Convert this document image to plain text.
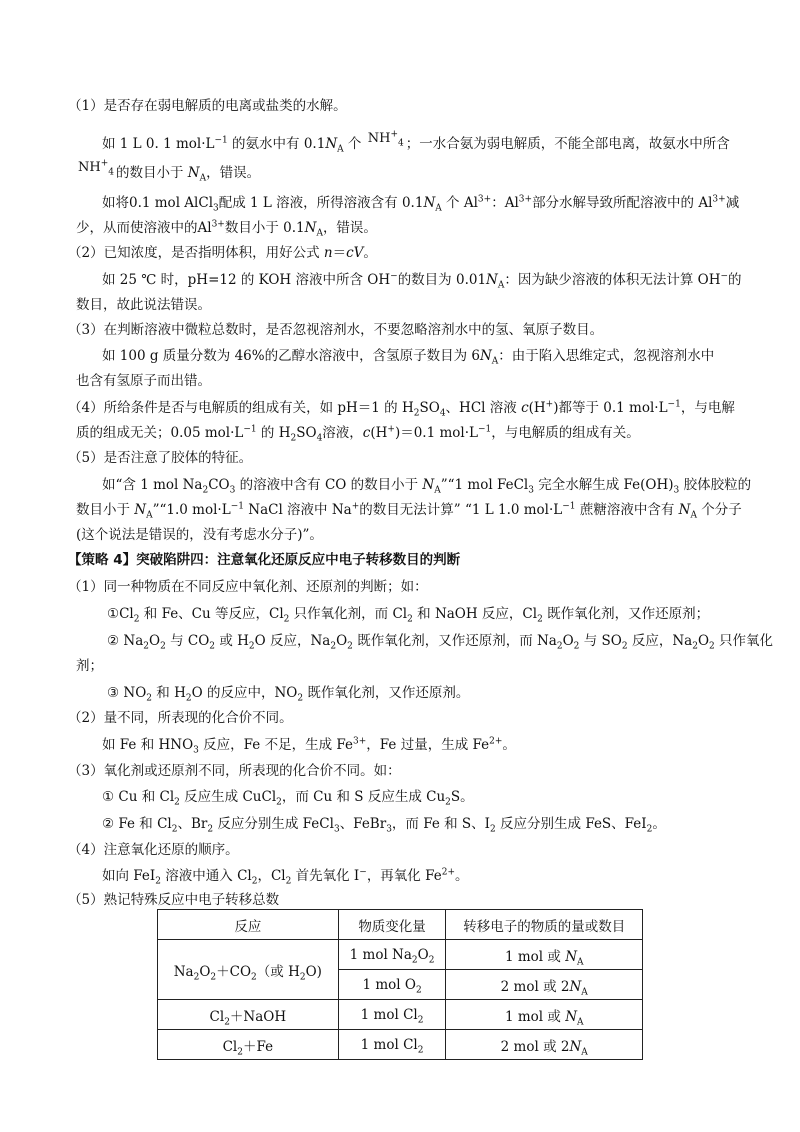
（1）是否存在弱电解质的电离或盐类的水解。
如 1 L 0. 1 $mol\cdot L^{-1}$ 的氨水中有 $0.1N_A$ 个 $NH^+_4$ ；一水合氨为弱电解质，不能全部电离，故氨水中所含
$NH^+_4$ 的数目小于 $N_A$，错误。
如将0.1 mol AlCl$_3$配成 1 L 溶液，所得溶液含有 $0.1N_A$ 个 $Al^{3+}$：$Al^{3+}$部分水解导致所配溶液中的 $Al^{3+}$减
少，从而使溶液中的$Al^{3+}$数目小于 $0.1N_A$，错误。
（2）已知浓度，是否指明体积，用好公式 n＝cV。
如 25 ℃ 时，pH=12 的 KOH 溶液中所含 OH−的数目为 $0.01N_A$：因为缺少溶液的体积无法计算 OH−的
数目，故此说法错误。
（3）在判断溶液中微粒总数时，是否忽视溶剂水，不要忽略溶剂水中的氢、氧原子数目。
如 100 g 质量分数为 46%的乙醇水溶液中，含氢原子数目为 $6N_A$：由于陷入思维定式，忽视溶剂水中
也含有氢原子而出错。
（4）所给条件是否与电解质的组成有关，如 pH＝1 的 $H_2SO_4$、HCl 溶液 c(H+)都等于 0.1 $mol\cdot L^{-1}$，与电解
质的组成无关；0.05 $mol\cdot L^{-1}$ 的 $H_2SO_4$溶液，c(H+)＝0.1 $mol\cdot L^{-1}$，与电解质的组成有关。
（5）是否注意了胶体的特征。
如“含 1 mol $Na_2CO_3$ 的溶液中含有 CO 的数目小于 $N_A”“1$ mol FeCl$_3$ 完全水解生成 $Fe(OH)_3$ 胶体胶粒的
数目小于 $N_A”“1.0$ $mol\cdot L^{-1}$ NaCl 溶液中 Na+的数目无法计算” “1 L 1.0 $mol\cdot L^{-1}$ 蔗糖溶液中含有 $N_A$ 个分子
(这个说法是错误的，没有考虑水分子)”。
【策略 4】突破陷阱四：注意氧化还原反应中电子转移数目的判断
（1）同一种物质在不同反应中氧化剂、还原剂的判断；如：
$①Cl_2$ 和 Fe、Cu 等反应，$Cl_2$ 只作氧化剂，而 $Cl_2$ 和 NaOH 反应，$Cl_2$ 既作氧化剂，又作还原剂；
② $Na_2O_2$ 与 $CO_2$ 或 $H_2O$ 反应，$Na_2O_2$ 既作氧化剂，又作还原剂，而 $Na_2O_2$ 与 $SO_2$ 反应，$Na_2O_2$ 只作氧化
剂；
③ $NO_2$ 和 $H_2O$ 的反应中，$NO_2$ 既作氧化剂，又作还原剂。
（2）量不同，所表现的化合价不同。
如 Fe 和 $HNO_3$ 反应，Fe 不足，生成 $Fe^{3+}$，Fe 过量，生成 $Fe^{2+}$。
（3）氧化剂或还原剂不同，所表现的化合价不同。如：
① Cu 和 $Cl_2$ 反应生成 CuCl$_2$，而 Cu 和 S 反应生成 $Cu_2S$。
② Fe 和 $Cl_2$、$Br_2$ 反应分别生成 FeCl$_3$、FeBr$_3$，而 Fe 和 S、$I_2$ 反应分别生成 FeS、FeI$_2$。
（4）注意氧化还原的顺序。
如向 FeI$_2$ 溶液中通入 $Cl_2$，$Cl_2$ 首先氧化 I−，再氧化 $Fe^{2+}$。
（5）熟记特殊反应中电子转移总数
反应	物质变化量	转移电子的物质的量或数目
$Na_2O_2+CO_2$（或 $H_2O$)	1 mol $Na_2O_2$	1 mol 或 $N_A$
	1 mol $O_2$	2 mol 或 $2N_A$
$Cl_2+NaOH$	1 mol $Cl_2$	1 mol 或 $N_A$
$Cl_2+Fe$	1 mol $Cl_2$	2 mol 或 $2N_A$
